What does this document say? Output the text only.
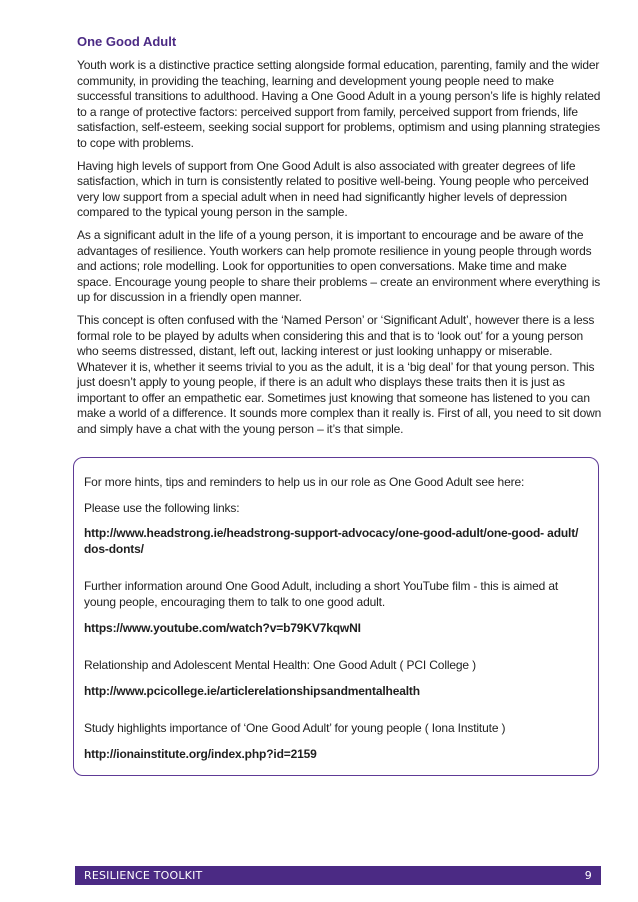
One Good Adult

Youth work is a distinctive practice setting alongside formal education, parenting, family and the wider community, in providing the teaching, learning and development young people need to make successful transitions to adulthood. Having a One Good Adult in a young person’s life is highly related to a range of protective factors: perceived support from family, perceived support from friends, life satisfaction, self-esteem, seeking social support for problems, optimism and using planning strategies to cope with problems.

Having high levels of support from One Good Adult is also associated with greater degrees of life satisfaction, which in turn is consistently related to positive well-being. Young people who perceived very low support from a special adult when in need had significantly higher levels of depression compared to the typical young person in the sample.

As a significant adult in the life of a young person, it is important to encourage and be aware of the advantages of resilience. Youth workers can help promote resilience in young people through words and actions; role modelling. Look for opportunities to open conversations. Make time and make space. Encourage young people to share their problems – create an environment where everything is up for discussion in a friendly open manner.

This concept is often confused with the ‘Named Person’ or ‘Significant Adult’, however there is a less formal role to be played by adults when considering this and that is to ‘look out’ for a young person who seems distressed, distant, left out, lacking interest or just looking unhappy or miserable. Whatever it is, whether it seems trivial to you as the adult, it is a ‘big deal’ for that young person. This just doesn’t apply to young people, if there is an adult who displays these traits then it is just as important to offer an empathetic ear. Sometimes just knowing that someone has listened to you can make a world of a difference. It sounds more complex than it really is. First of all, you need to sit down and simply have a chat with the young person – it’s that simple.

For more hints, tips and reminders to help us in our role as One Good Adult see here:

Please use the following links:

http://www.headstrong.ie/headstrong-support-advocacy/one-good-adult/one-good- adult/ dos-donts/

Further information around One Good Adult, including a short YouTube film - this is aimed at young people, encouraging them to talk to one good adult.

https://www.youtube.com/watch?v=b79KV7kqwNI

Relationship and Adolescent Mental Health: One Good Adult ( PCI College )

http://www.pcicollege.ie/articlerelationshipsandmentalhealth

Study highlights importance of ‘One Good Adult’ for young people ( Iona Institute )

http://ionainstitute.org/index.php?id=2159

RESILIENCE TOOLKIT	9
